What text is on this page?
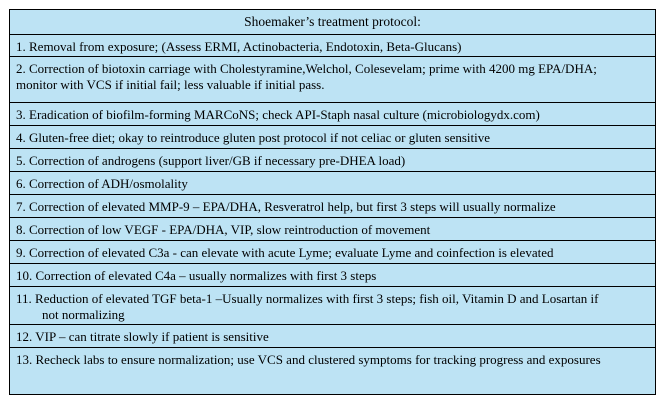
Shoemaker’s treatment protocol:
1. Removal from exposure; (Assess ERMI, Actinobacteria, Endotoxin, Beta-Glucans)
2. Correction of biotoxin carriage with Cholestyramine,Welchol, Colesevelam; prime with 4200 mg EPA/DHA;
monitor with VCS if initial fail; less valuable if initial pass.
3. Eradication of biofilm-forming MARCoNS; check API-Staph nasal culture (microbiologydx.com)
4. Gluten-free diet; okay to reintroduce gluten post protocol if not celiac or gluten sensitive
5. Correction of androgens (support liver/GB if necessary pre-DHEA load)
6. Correction of ADH/osmolality
7. Correction of elevated MMP-9 – EPA/DHA, Resveratrol help, but first 3 steps will usually normalize
8. Correction of low VEGF - EPA/DHA, VIP, slow reintroduction of movement
9. Correction of elevated C3a - can elevate with acute Lyme; evaluate Lyme and coinfection is elevated
10. Correction of elevated C4a – usually normalizes with first 3 steps
11. Reduction of elevated TGF beta-1 –Usually normalizes with first 3 steps; fish oil, Vitamin D and Losartan if
not normalizing
12. VIP – can titrate slowly if patient is sensitive
13. Recheck labs to ensure normalization; use VCS and clustered symptoms for tracking progress and exposures
